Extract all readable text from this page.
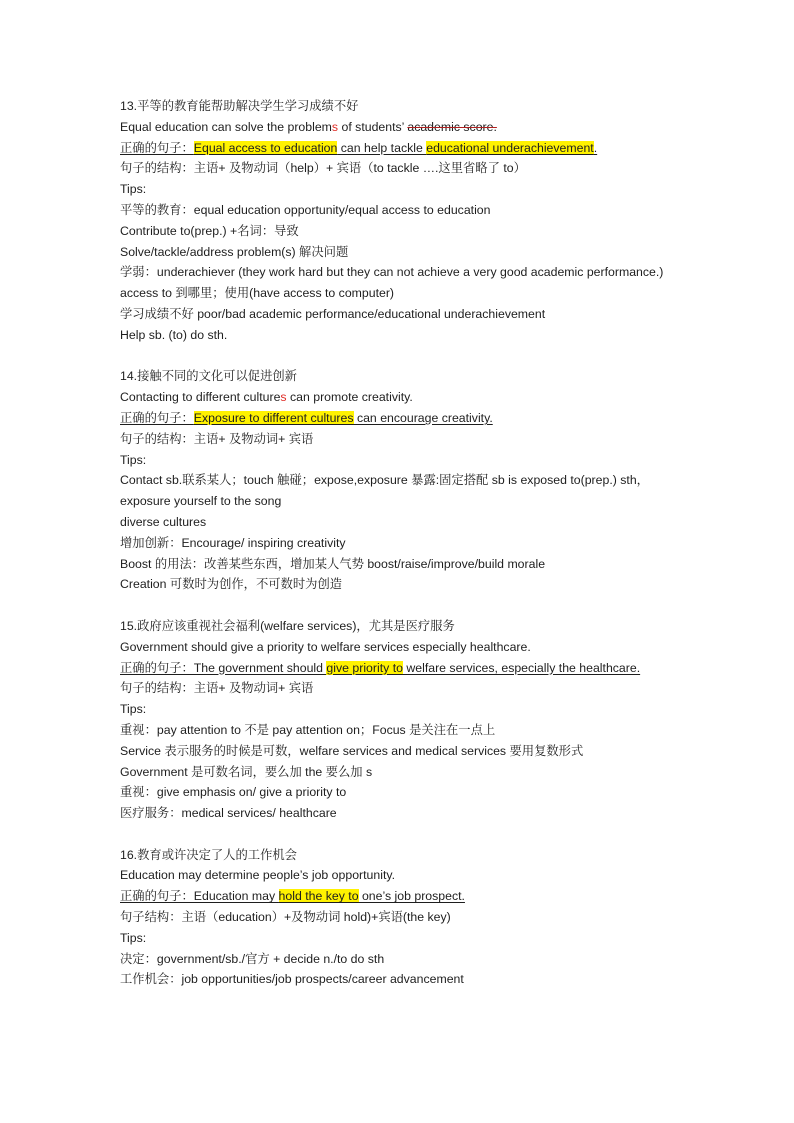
13.平等的教育能帮助解决学生学习成绩不好
Equal education can solve the problems of students’ academic score.
正确的句子：Equal access to education can help tackle educational underachievement.
句子的结构：主语+ 及物动词（help）+ 宾语（to tackle ….这里省略了 to）
Tips:
平等的教育：equal education opportunity/equal access to education
Contribute to(prep.) +名词：导致
Solve/tackle/address problem(s) 解决问题
学弱：underachiever (they work hard but they can not achieve a very good academic performance.)
access to 到哪里；使用(have access to computer)
学习成绩不好 poor/bad academic performance/educational underachievement
Help sb. (to) do sth.
14.接触不同的文化可以促进创新
Contacting to different cultures can promote creativity.
正确的句子：Exposure to different cultures can encourage creativity.
句子的结构：主语+ 及物动词+ 宾语
Tips:
Contact sb.联系某人；touch 触碰；expose,exposure 暴露:固定搭配 sb is exposed to(prep.) sth，
exposure yourself to the song
diverse cultures
增加创新：Encourage/ inspiring creativity
Boost 的用法：改善某些东西，增加某人气势 boost/raise/improve/build morale
Creation 可数时为创作，不可数时为创造
15.政府应该重视社会福利(welfare services)，尤其是医疗服务
Government should give a priority to welfare services especially healthcare.
正确的句子：The government should give priority to welfare services, especially the healthcare.
句子的结构：主语+ 及物动词+ 宾语
Tips:
重视：pay attention to 不是 pay attention on；Focus 是关注在一点上
Service 表示服务的时候是可数，welfare services and medical services 要用复数形式
Government 是可数名词，要么加 the 要么加 s
重视：give emphasis on/ give a priority to
医疗服务：medical services/ healthcare
16.教育或许决定了人的工作机会
Education may determine people’s job opportunity.
正确的句子：Education may hold the key to one’s job prospect.
句子结构：主语（education）+及物动词 hold)+宾语(the key)
Tips:
决定：government/sb./官方 + decide n./to do sth
工作机会：job opportunities/job prospects/career advancement
